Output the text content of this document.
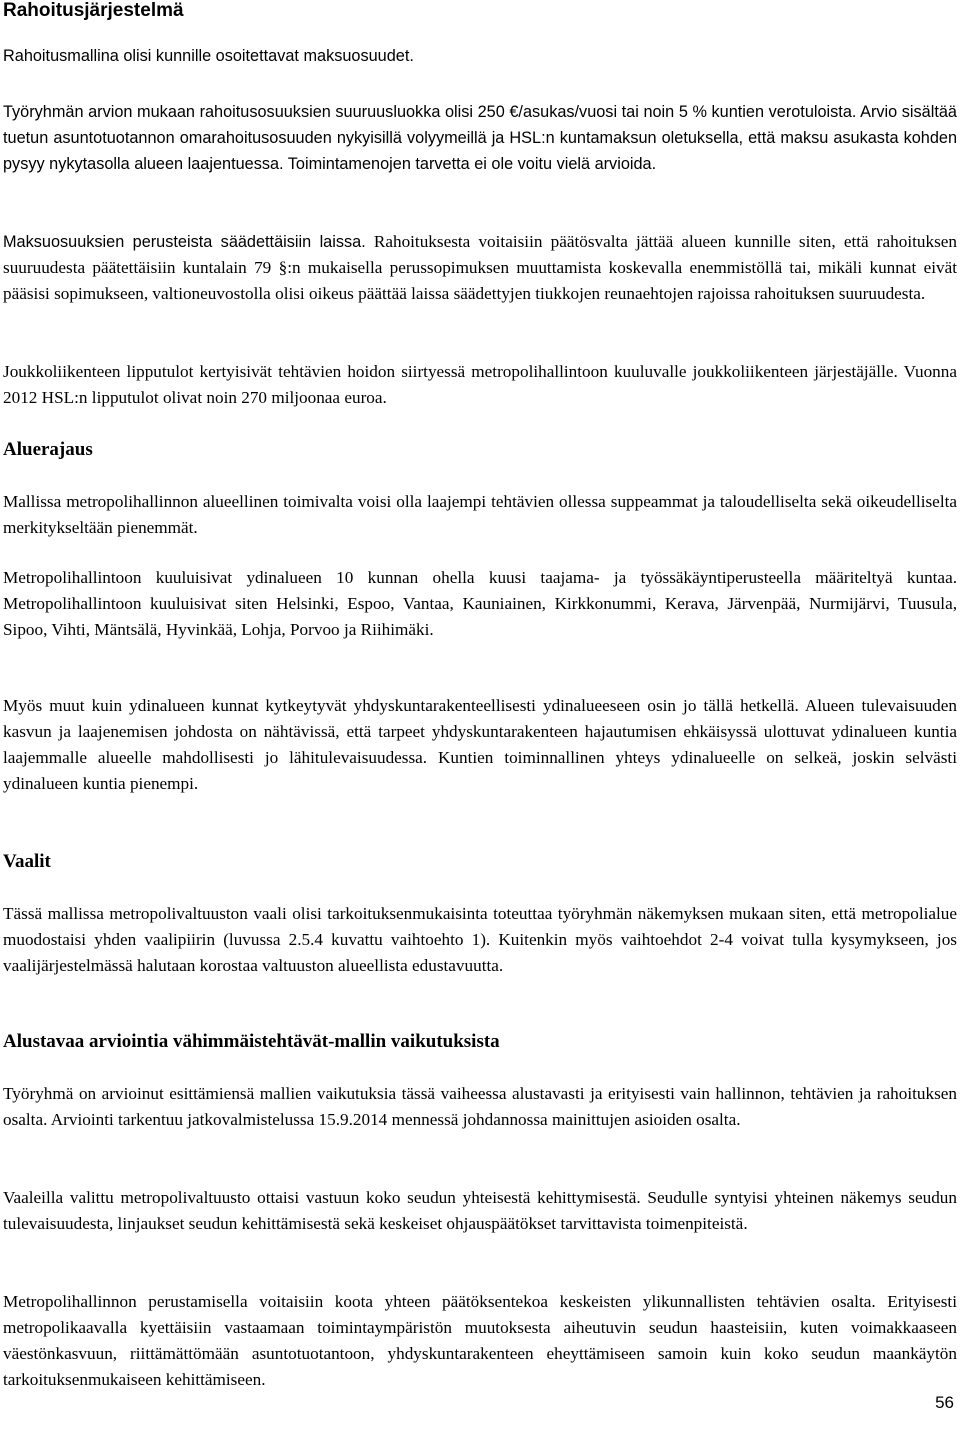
Rahoitusjärjestelmä

Rahoitusmallina olisi kunnille osoitettavat maksuosuudet.

Työryhmän arvion mukaan rahoitusosuuksien suuruusluokka olisi 250 €/asukas/vuosi tai noin 5 % kuntien verotuloista. Arvio sisältää tuetun asuntotuotannon omarahoitusosuuden nykyisillä volyymeillä ja HSL:n kuntamaksun oletuksella, että maksu asukasta kohden pysyy nykytasolla alueen laajentuessa. Toimintamenojen tarvetta ei ole voitu vielä arvioida.

Maksuosuuksien perusteista säädettäisiin laissa. Rahoituksesta voitaisiin päätösvalta jättää alueen kunnille siten, että rahoituksen suuruudesta päätettäisiin kuntalain 79 §:n mukaisella perussopimuksen muuttamista koskevalla enemmistöllä tai, mikäli kunnat eivät pääsisi sopimukseen, valtioneuvostolla olisi oikeus päättää laissa säädettyjen tiukkojen reunaehtojen rajoissa rahoituksen suuruudesta.

Joukkoliikenteen lipputulot kertyisivät tehtävien hoidon siirtyessä metropolihallintoon kuuluvalle joukkoliikenteen järjestäjälle. Vuonna 2012 HSL:n lipputulot olivat noin 270 miljoonaa euroa.

Aluerajaus

Mallissa metropolihallinnon alueellinen toimivalta voisi olla laajempi tehtävien ollessa suppeammat ja taloudelliselta sekä oikeudelliselta merkitykseltään pienemmät.

Metropolihallintoon kuuluisivat ydinalueen 10 kunnan ohella kuusi taajama- ja työssäkäyntiperusteella määriteltyä kuntaa. Metropolihallintoon kuuluisivat siten Helsinki, Espoo, Vantaa, Kauniainen, Kirkkonummi, Kerava, Järvenpää, Nurmijärvi, Tuusula, Sipoo, Vihti, Mäntsälä, Hyvinkää, Lohja, Porvoo ja Riihimäki.

Myös muut kuin ydinalueen kunnat kytkeytyvät yhdyskuntarakenteellisesti ydinalueeseen osin jo tällä hetkellä. Alueen tulevaisuuden kasvun ja laajenemisen johdosta on nähtävissä, että tarpeet yhdyskuntarakenteen hajautumisen ehkäisyssä ulottuvat ydinalueen kuntia laajemmalle alueelle mahdollisesti jo lähitulevaisuudessa. Kuntien toiminnallinen yhteys ydinalueelle on selkeä, joskin selvästi ydinalueen kuntia pienempi.

Vaalit

Tässä mallissa metropolivaltuuston vaali olisi tarkoituksenmukaisinta toteuttaa työryhmän näkemyksen mukaan siten, että metropolialue muodostaisi yhden vaalipiirin (luvussa 2.5.4 kuvattu vaihtoehto 1). Kuitenkin myös vaihtoehdot 2-4 voivat tulla kysymykseen, jos vaalijärjestelmässä halutaan korostaa valtuuston alueellista edustavuutta.

Alustavaa arviointia vähimmäistehtävät-mallin vaikutuksista

Työryhmä on arvioinut esittämiensä mallien vaikutuksia tässä vaiheessa alustavasti ja erityisesti vain hallinnon, tehtävien ja rahoituksen osalta. Arviointi tarkentuu jatkovalmistelussa 15.9.2014 mennessä johdannossa mainittujen asioiden osalta.

Vaaleilla valittu metropolivaltuusto ottaisi vastuun koko seudun yhteisestä kehittymisestä. Seudulle syntyisi yhteinen näkemys seudun tulevaisuudesta, linjaukset seudun kehittämisestä sekä keskeiset ohjauspäätökset tarvittavista toimenpiteistä.

Metropolihallinnon perustamisella voitaisiin koota yhteen päätöksentekoa keskeisten ylikunnallisten tehtävien osalta. Erityisesti metropolikaavalla kyettäisiin vastaamaan toimintaympäristön muutoksesta aiheutuvin seudun haasteisiin, kuten voimakkaaseen väestönkasvuun, riittämättömään asuntotuotantoon, yhdyskuntarakenteen eheyttämiseen samoin kuin koko seudun maankäytön tarkoituksenmukaiseen kehittämiseen.

56
